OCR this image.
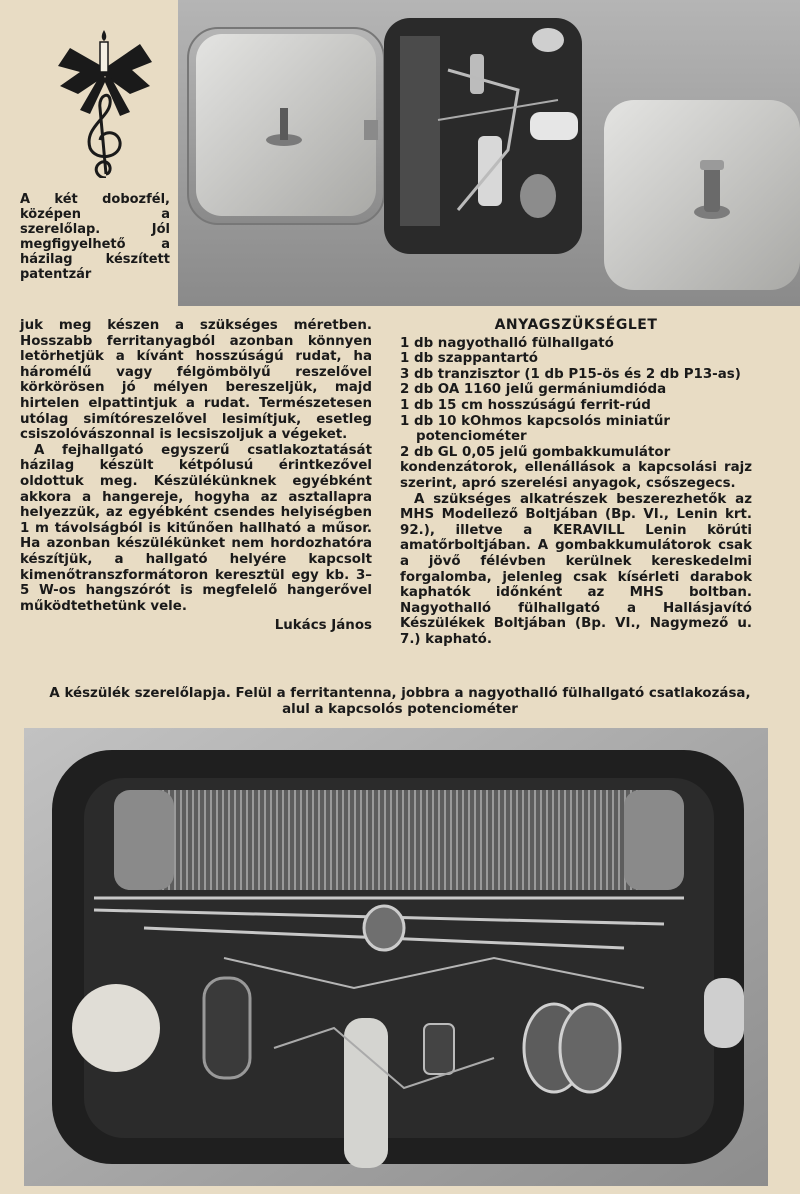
A két dobozfél, középen a szerelőlap. Jól megfigyelhető a házilag készített patentzár

juk meg készen a szükséges méretben. Hosszabb ferritanyagból azonban könnyen letörhetjük a kívánt hosszúságú rudat, ha háromélű vagy félgömbölyű reszelővel körkörösen jó mélyen bereszeljük, majd hirtelen elpattintjuk a rudat. Természetesen utólag simítóreszelővel lesimítjuk, esetleg csiszolóvászonnal is lecsiszoljuk a végeket.

A fejhallgató egyszerű csatlakoztatását házilag készült kétpólusú érintkezővel oldottuk meg. Készülékünknek egyébként akkora a hangereje, hogyha az asztallapra helyezzük, az egyébként csendes helyiségben 1 m távolságból is kitűnően hallható a műsor. Ha azonban készülékünket nem hordozhatóra készítjük, a hallgató helyére kapcsolt kimenőtranszformátoron keresztül egy kb. 3–5 W-os hangszórót is megfelelő hangerővel működtethetünk vele.

Lukács János
ANYAGSZÜKSÉGLET
1 db nagyothalló fülhallgató
1 db szappantartó
3 db tranzisztor (1 db P15-ös és 2 db P13-as)
2 db OA 1160 jelű germániumdióda
1 db 15 cm hosszúságú ferrit-rúd
1 db 10 kOhmos kapcsolós miniatűr potenciométer
2 db GL 0,05 jelű gombakkumulátor

kondenzátorok, ellenállások a kapcsolási rajz szerint, apró szerelési anyagok, csőszegecs.

A szükséges alkatrészek beszerezhetők az MHS Modellező Boltjában (Bp. VI., Lenin krt. 92.), illetve a KERAVILL Lenin körúti amatőrboltjában. A gombakkumulátorok csak a jövő félévben kerülnek kereskedelmi forgalomba, jelenleg csak kísérleti darabok kaphatók időnként az MHS boltban. Nagyothalló fülhallgató a Hallásjavító Készülékek Boltjában (Bp. VI., Nagymező u. 7.) kapható.

A készülék szerelőlapja. Felül a ferritantenna, jobbra a nagyothalló fülhallgató csatlakozása, alul a kapcsolós potenciométer
